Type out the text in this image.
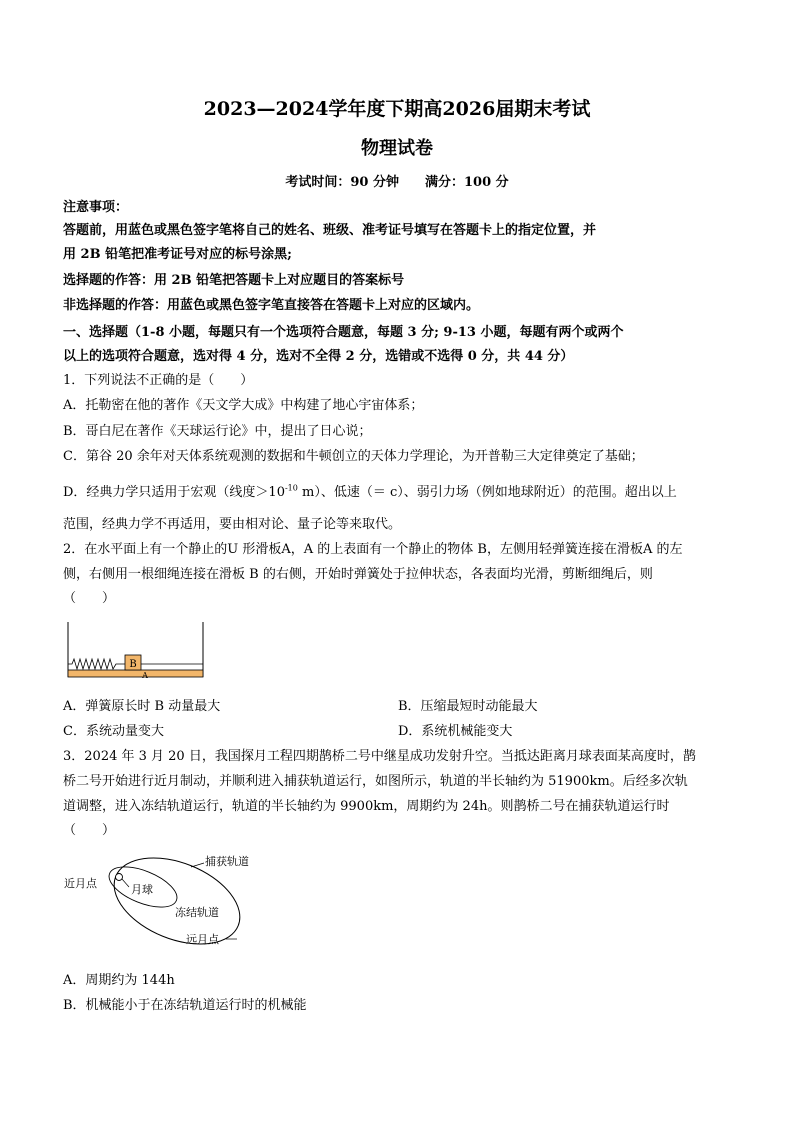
2023—2024学年度下期高2026届期末考试
物理试卷
考试时间：90 分钟　　满分：100 分
注意事项：
答题前，用蓝色或黑色签字笔将自己的姓名、班级、准考证号填写在答题卡上的指定位置，并
用 2B 铅笔把准考证号对应的标号涂黑;
选择题的作答：用 2B 铅笔把答题卡上对应题目的答案标号
非选择题的作答：用蓝色或黑色签字笔直接答在答题卡上对应的区域内。
一、选择题（1-8 小题，每题只有一个选项符合题意，每题 3 分; 9-13 小题，每题有两个或两个
以上的选项符合题意，选对得 4 分，选对不全得 2 分，选错或不选得 0 分，共 44 分）
1．下列说法不正确的是（　　）
A．托勒密在他的著作《天文学大成》中构建了地心宇宙体系；
B．哥白尼在著作《天球运行论》中，提出了日心说；
C．第谷 20 余年对天体系统观测的数据和牛顿创立的天体力学理论，为开普勒三大定律奠定了基础；
D．经典力学只适用于宏观（线度$>10^{-10}$ m）、低速（＝ c）、弱引力场（例如地球附近）的范围。超出以上
范围，经典力学不再适用，要由相对论、量子论等来取代。
2．在水平面上有一个静止的U 形滑板A，A 的上表面有一个静止的物体 B，左侧用轻弹簧连接在滑板A 的左
侧，右侧用一根细绳连接在滑板 B 的右侧，开始时弹簧处于拉伸状态，各表面均光滑，剪断细绳后，则
（　　）
A
B
A．弹簧原长时 B 动量最大	B．压缩最短时动能最大
C．系统动量变大	D．系统机械能变大
3．2024 年 3 月 20 日，我国探月工程四期鹊桥二号中继星成功发射升空。当抵达距离月球表面某高度时，鹊
桥二号开始进行近月制动，并顺利进入捕获轨道运行，如图所示，轨道的半长轴约为 51900km。后经多次轨
道调整，进入冻结轨道运行，轨道的半长轴约为 9900km，周期约为 24h。则鹊桥二号在捕获轨道运行时
（　　）
捕获轨道
近月点	月球
冻结轨道
远月点
A．周期约为 144h
B．机械能小于在冻结轨道运行时的机械能
